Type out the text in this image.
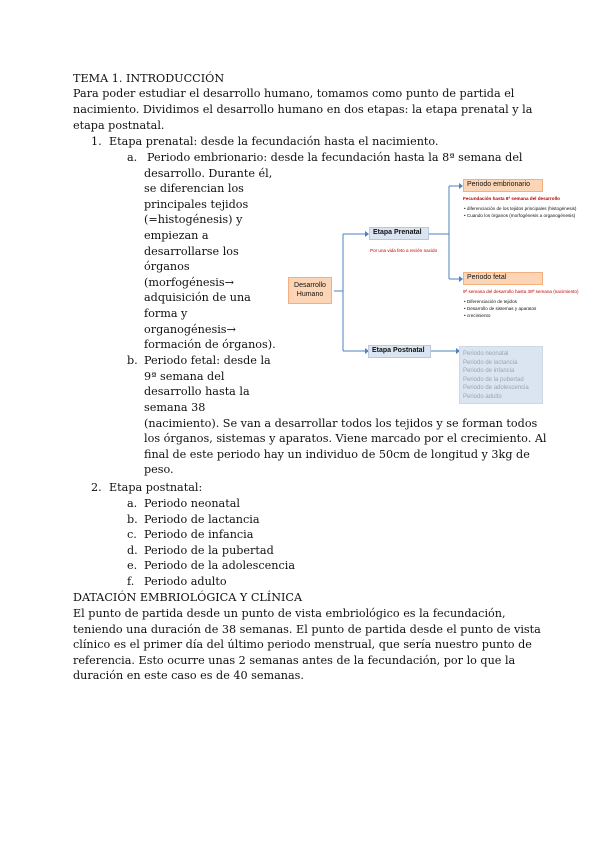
TEMA 1. INTRODUCCIÓN

Para poder estudiar el desarrollo humano, tomamos como punto de partida el

nacimiento. Dividimos el desarrollo humano en dos etapas: la etapa prenatal y la

etapa postnatal.

1. Etapa prenatal: desde la fecundación hasta el nacimiento.

a. Periodo embrionario: desde la fecundación hasta la 8ª semana del

desarrollo. Durante él,

se diferencian los

principales tejidos

(=histogénesis) y

empiezan a

desarrollarse los

órganos

(morfogénesis→

adquisición de una

forma y

organogénesis→

formación de órganos).

b. Periodo fetal: desde la

9ª semana del

desarrollo hasta la

semana 38

(nacimiento). Se van a desarrollar todos los tejidos y se forman todos

los órganos, sistemas y aparatos. Viene marcado por el crecimiento. Al

final de este periodo hay un individuo de 50cm de longitud y 3kg de

peso.

2. Etapa postnatal:

a. Periodo neonatal

b. Periodo de lactancia

c. Periodo de infancia

d. Periodo de la pubertad

e. Periodo de la adolescencia

f. Periodo adulto

DATACIÓN EMBRIOLÓGICA Y CLÍNICA

El punto de partida desde un punto de vista embriológico es la fecundación,

teniendo una duración de 38 semanas. El punto de partida desde el punto de vista

clínico es el primer día del último periodo menstrual, que sería nuestro punto de

referencia. Esto ocurre unas 2 semanas antes de la fecundación, por lo que la

duración en este caso es de 40 semanas.

Desarrollo Humano
Etapa Prenatal
Por una vida feto a recién nacido
Etapa Postnatal
Periodo embrionario
Fecundación hasta 8ª semana del desarrollo
• diferenciación de los tejidos principales (histogénesis)
• Cuando los órganos (morfogénesis a organogénesis)
Periodo fetal
9ª semana del desarrollo hasta 38ª semana (nacimiento)
• Diferenciación de tejidos
• Desarrollo de sistemas y aparatos
• crecimiento
Periodo neonatal
Periodo de lactancia
Periodo de infancia
Periodo de la pubertad
Periodo de adolescencia
Periodo adulto
